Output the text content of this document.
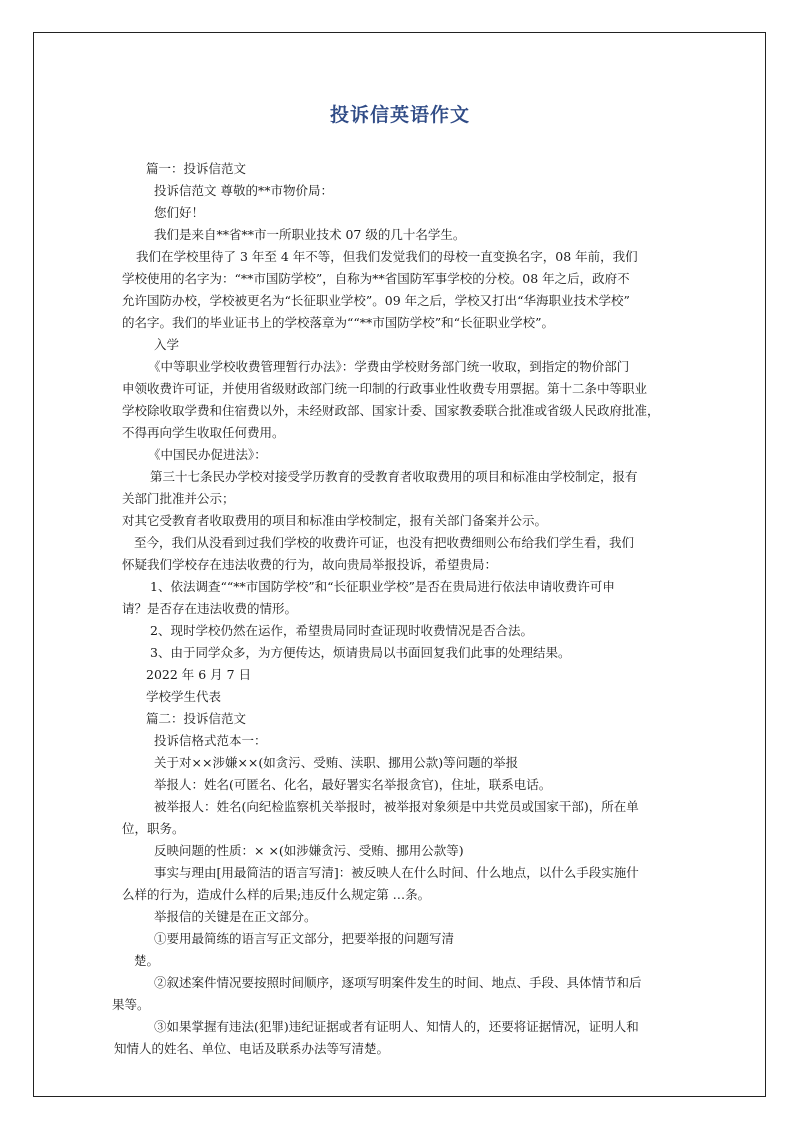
投诉信英语作文

篇一：投诉信范文

投诉信范文 尊敬的**市物价局：

您们好！

我们是来自**省**市一所职业技术 07 级的几十名学生。

我们在学校里待了 3 年至 4 年不等，但我们发觉我们的母校一直变换名字，08 年前，我们

学校使用的名字为：“**市国防学校”，自称为**省国防军事学校的分校。08 年之后，政府不

允许国防办校，学校被更名为“长征职业学校”。09 年之后，学校又打出“华海职业技术学校”

的名字。我们的毕业证书上的学校落章为““**市国防学校”和“长征职业学校”。

入学

《中等职业学校收费管理暂行办法》：学费由学校财务部门统一收取，到指定的物价部门

申领收费许可证，并使用省级财政部门统一印制的行政事业性收费专用票据。第十二条中等职业

学校除收取学费和住宿费以外，未经财政部、国家计委、国家教委联合批准或省级人民政府批准，

不得再向学生收取任何费用。

《中国民办促进法》：

第三十七条民办学校对接受学历教育的受教育者收取费用的项目和标准由学校制定，报有

关部门批准并公示；

对其它受教育者收取费用的项目和标准由学校制定，报有关部门备案并公示。

至今，我们从没看到过我们学校的收费许可证，也没有把收费细则公布给我们学生看，我们

怀疑我们学校存在违法收费的行为，故向贵局举报投诉，希望贵局：

1、依法调查““**市国防学校”和“长征职业学校”是否在贵局进行依法申请收费许可申

请？是否存在违法收费的情形。

2、现时学校仍然在运作，希望贵局同时查证现时收费情况是否合法。

3、由于同学众多，为方便传达，烦请贵局以书面回复我们此事的处理结果。

2022 年 6 月 7 日

学校学生代表

篇二：投诉信范文

投诉信格式范本一：

关于对××涉嫌××(如贪污、受贿、渎职、挪用公款)等问题的举报

举报人：姓名(可匿名、化名，最好署实名举报贪官)，住址，联系电话。

被举报人：姓名(向纪检监察机关举报时，被举报对象须是中共党员或国家干部)，所在单

位，职务。

反映问题的性质：× ×(如涉嫌贪污、受贿、挪用公款等)

事实与理由[用最简洁的语言写清]：被反映人在什么时间、什么地点，以什么手段实施什

么样的行为，造成什么样的后果;违反什么规定第 …条。

举报信的关键是在正文部分。

①要用最简练的语言写正文部分，把要举报的问题写清

楚。

②叙述案件情况要按照时间顺序，逐项写明案件发生的时间、地点、手段、具体情节和后

果等。

③如果掌握有违法(犯罪)违纪证据或者有证明人、知情人的，还要将证据情况，证明人和

知情人的姓名、单位、电话及联系办法等写清楚。
